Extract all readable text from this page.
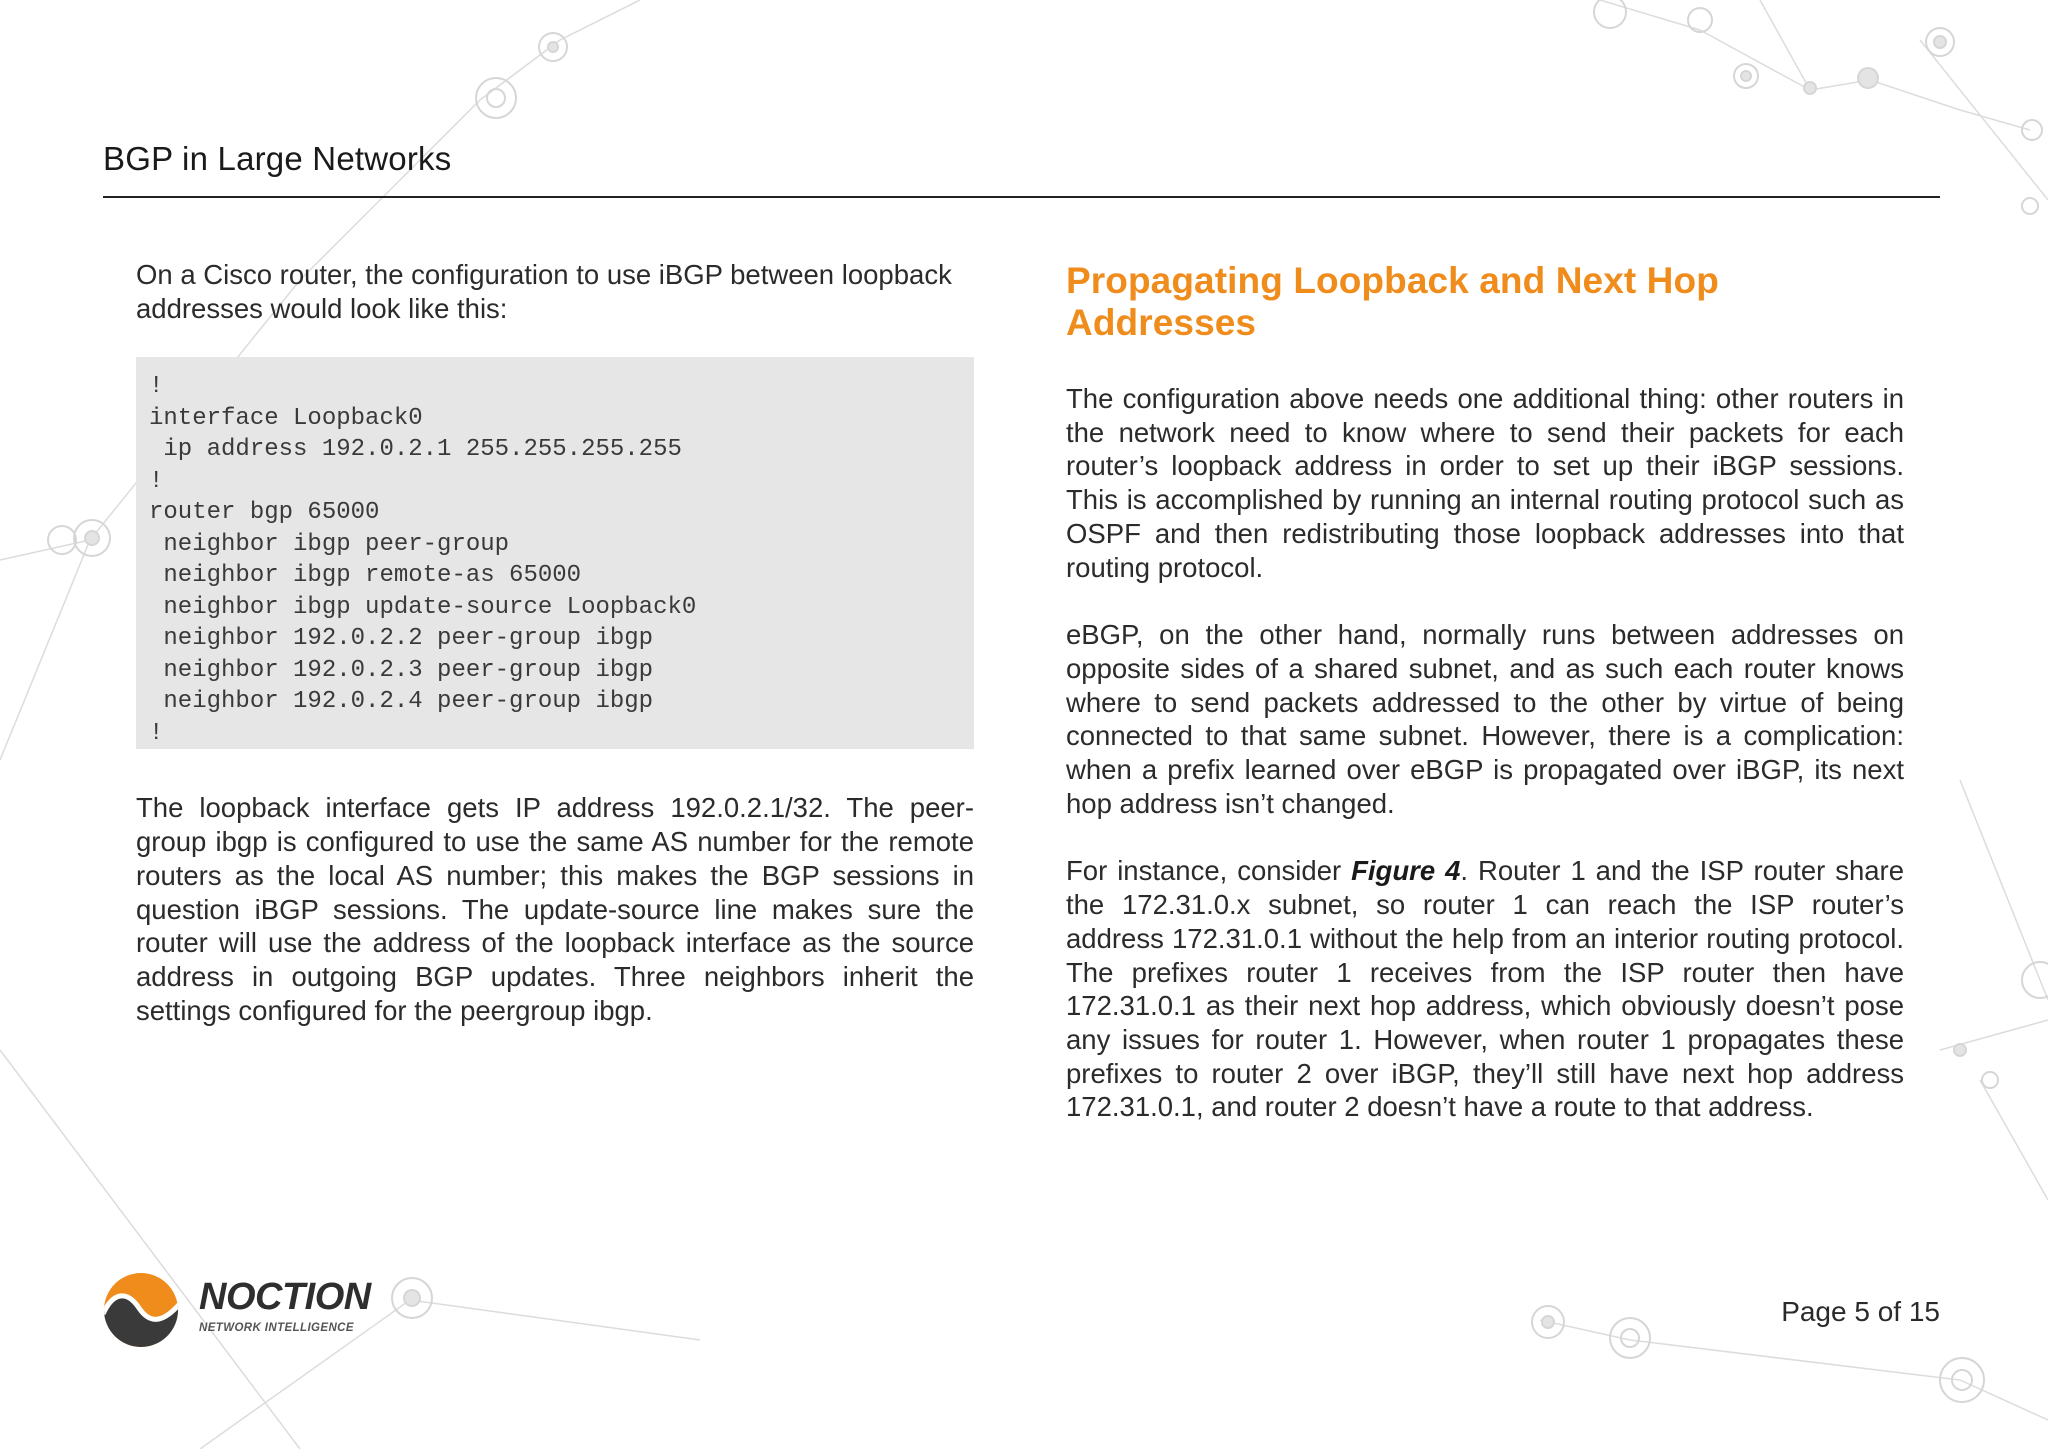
BGP in Large Networks

On a Cisco router, the configuration to use iBGP between loopback addresses would look like this:

!
interface Loopback0
ip address 192.0.2.1 255.255.255.255
!
router bgp 65000
neighbor ibgp peer-group
neighbor ibgp remote-as 65000
neighbor ibgp update-source Loopback0
neighbor 192.0.2.2 peer-group ibgp
neighbor 192.0.2.3 peer-group ibgp
neighbor 192.0.2.4 peer-group ibgp
!

The loopback interface gets IP address 192.0.2.1/32. The peer-group ibgp is configured to use the same AS number for the remote routers as the local AS number; this makes the BGP sessions in question iBGP sessions. The update-source line makes sure the router will use the address of the loopback interface as the source address in outgoing BGP updates. Three neighbors inherit the settings configured for the peergroup ibgp.

Propagating Loopback and Next Hop Addresses

The configuration above needs one additional thing: other routers in the network need to know where to send their packets for each router’s loopback address in order to set up their iBGP sessions. This is accomplished by running an internal routing protocol such as OSPF and then redistributing those loopback addresses into that routing protocol.

eBGP, on the other hand, normally runs between addresses on opposite sides of a shared subnet, and as such each router knows where to send packets addressed to the other by virtue of being connected to that same subnet. However, there is a complication: when a prefix learned over eBGP is propagated over iBGP, its next hop address isn’t changed.

For instance, consider Figure 4. Router 1 and the ISP router share the 172.31.0.x subnet, so router 1 can reach the ISP router’s address 172.31.0.1 without the help from an interior routing protocol. The prefixes router 1 receives from the ISP router then have 172.31.0.1 as their next hop address, which obviously doesn’t pose any issues for router 1. However, when router 1 propagates these prefixes to router 2 over iBGP, they’ll still have next hop address 172.31.0.1, and router 2 doesn’t have a route to that address.

NOCTION
NETWORK INTELLIGENCE
Page 5 of 15
